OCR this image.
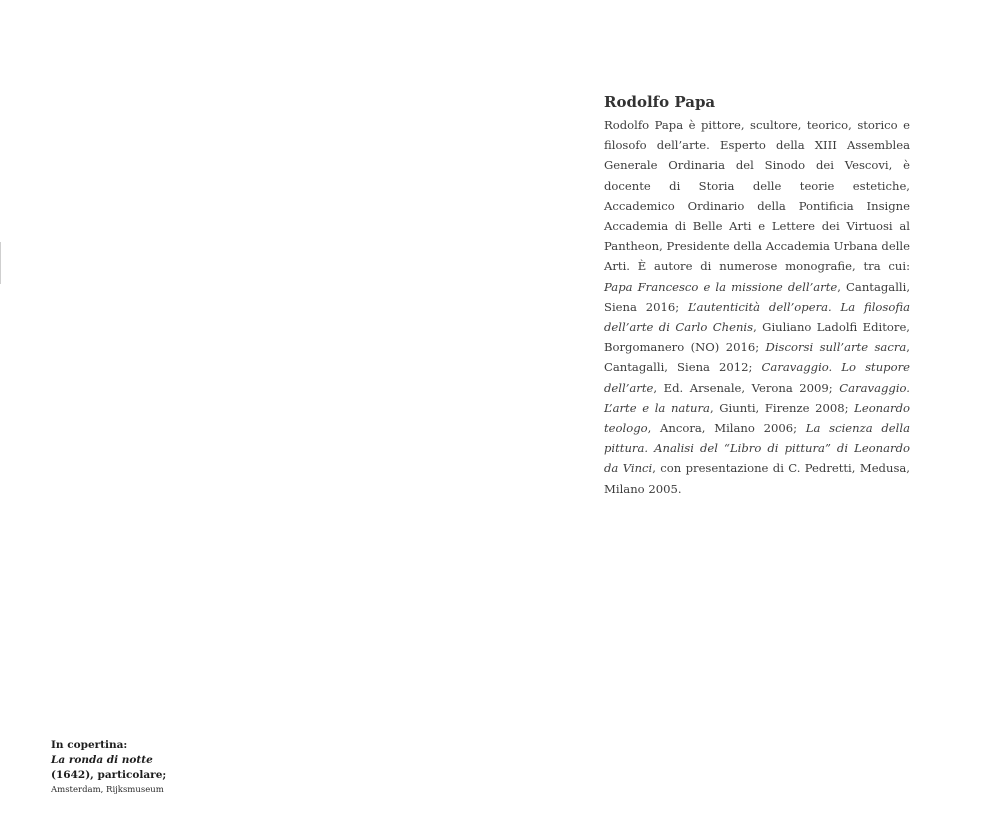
Rodolfo Papa

Rodolfo Papa è pittore, scultore, teorico, storico e filosofo dell’arte. Esperto della XIII Assemblea Generale Ordinaria del Sinodo dei Vescovi, è docente di Storia delle teorie estetiche, Accademico Ordinario della Pontificia Insigne Accademia di Belle Arti e Lettere dei Virtuosi al Pantheon, Presidente della Accademia Urbana delle Arti. È autore di numerose monografie, tra cui: Papa Francesco e la missione dell’arte, Cantagalli, Siena 2016; L’autenticità dell’opera. La filosofia dell’arte di Carlo Chenis, Giuliano Ladolfi Editore, Borgomanero (NO) 2016; Discorsi sull’arte sacra, Cantagalli, Siena 2012; Caravaggio. Lo stupore dell’arte, Ed. Arsenale, Verona 2009; Caravaggio. L’arte e la natura, Giunti, Firenze 2008; Leonardo teologo, Ancora, Milano 2006; La scienza della pittura. Analisi del “Libro di pittura” di Leonardo da Vinci, con presentazione di C. Pedretti, Medusa, Milano 2005.

In copertina:
La ronda di notte
(1642), particolare;
Amsterdam, Rijksmuseum
